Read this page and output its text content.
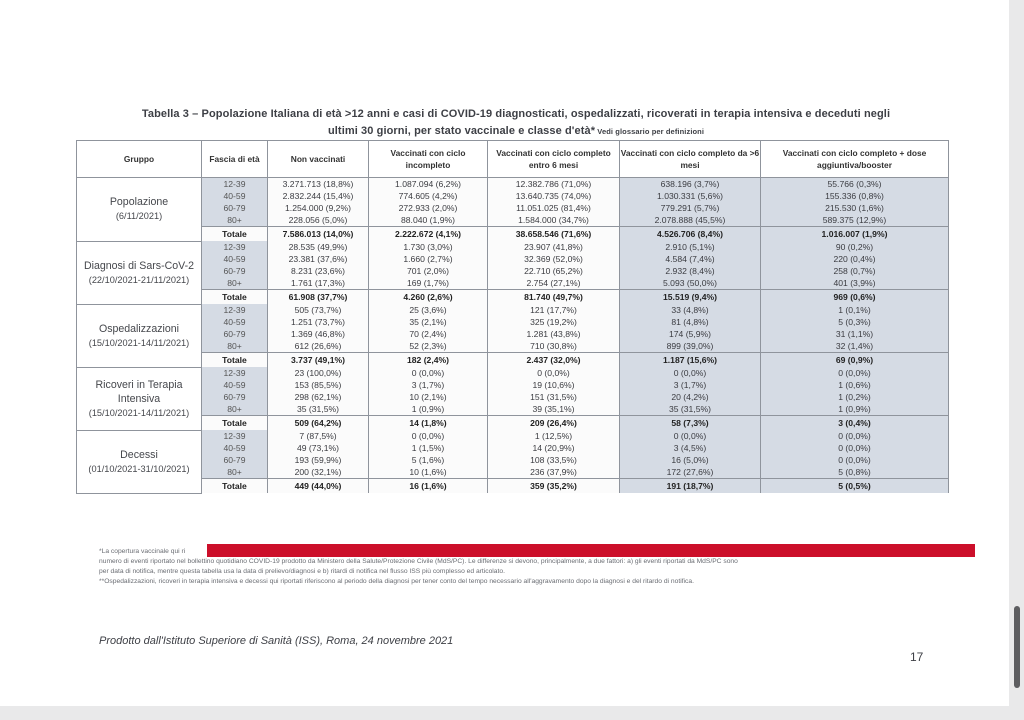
Tabella 3 – Popolazione Italiana di età >12 anni e casi di COVID-19 diagnosticati, ospedalizzati, ricoverati in terapia intensiva e deceduti negli
ultimi 30 giorni, per stato vaccinale e classe d'età* Vedi glossario per definizioni
Gruppo	Fascia di età	Non vaccinati	Vaccinati con ciclo incompleto	Vaccinati con ciclo completo entro 6 mesi	Vaccinati con ciclo completo da >6 mesi	Vaccinati con ciclo completo + dose aggiuntiva/booster

Popolazione
(6/11/2021)	12-39	3.271.713 (18,8%)	1.087.094 (6,2%)	12.382.786 (71,0%)	638.196 (3,7%)	55.766 (0,3%)
	40-59	2.832.244 (15,4%)	774.605 (4,2%)	13.640.735 (74,0%)	1.030.331 (5,6%)	155.336 (0,8%)
	60-79	1.254.000 (9,2%)	272.933 (2,0%)	11.051.025 (81,4%)	779.291 (5,7%)	215.530 (1,6%)
	80+	228.056 (5,0%)	88.040 (1,9%)	1.584.000 (34,7%)	2.078.888 (45,5%)	589.375 (12,9%)
	Totale	7.586.013 (14,0%)	2.222.672 (4,1%)	38.658.546 (71,6%)	4.526.706 (8,4%)	1.016.007 (1,9%)

Diagnosi di Sars-CoV-2
(22/10/2021-21/11/2021)	12-39	28.535 (49,9%)	1.730 (3,0%)	23.907 (41,8%)	2.910 (5,1%)	90 (0,2%)
	40-59	23.381 (37,6%)	1.660 (2,7%)	32.369 (52,0%)	4.584 (7,4%)	220 (0,4%)
	60-79	8.231 (23,6%)	701 (2,0%)	22.710 (65,2%)	2.932 (8,4%)	258 (0,7%)
	80+	1.761 (17,3%)	169 (1,7%)	2.754 (27,1%)	5.093 (50,0%)	401 (3,9%)
	Totale	61.908 (37,7%)	4.260 (2,6%)	81.740 (49,7%)	15.519 (9,4%)	969 (0,6%)

Ospedalizzazioni
(15/10/2021-14/11/2021)	12-39	505 (73,7%)	25 (3,6%)	121 (17,7%)	33 (4,8%)	1 (0,1%)
	40-59	1.251 (73,7%)	35 (2,1%)	325 (19,2%)	81 (4,8%)	5 (0,3%)
	60-79	1.369 (46,8%)	70 (2,4%)	1.281 (43,8%)	174 (5,9%)	31 (1,1%)
	80+	612 (26,6%)	52 (2,3%)	710 (30,8%)	899 (39,0%)	32 (1,4%)
	Totale	3.737 (49,1%)	182 (2,4%)	2.437 (32,0%)	1.187 (15,6%)	69 (0,9%)

Ricoveri in Terapia Intensiva
(15/10/2021-14/11/2021)	12-39	23 (100,0%)	0 (0,0%)	0 (0,0%)	0 (0,0%)	0 (0,0%)
	40-59	153 (85,5%)	3 (1,7%)	19 (10,6%)	3 (1,7%)	1 (0,6%)
	60-79	298 (62,1%)	10 (2,1%)	151 (31,5%)	20 (4,2%)	1 (0,2%)
	80+	35 (31,5%)	1 (0,9%)	39 (35,1%)	35 (31,5%)	1 (0,9%)
	Totale	509 (64,2%)	14 (1,8%)	209 (26,4%)	58 (7,3%)	3 (0,4%)

Decessi
(01/10/2021-31/10/2021)	12-39	7 (87,5%)	0 (0,0%)	1 (12,5%)	0 (0,0%)	0 (0,0%)
	40-59	49 (73,1%)	1 (1,5%)	14 (20,9%)	3 (4,5%)	0 (0,0%)
	60-79	193 (59,9%)	5 (1,6%)	108 (33,5%)	16 (5,0%)	0 (0,0%)
	80+	200 (32,1%)	10 (1,6%)	236 (37,9%)	172 (27,6%)	5 (0,8%)
	Totale	449 (44,0%)	16 (1,6%)	359 (35,2%)	191 (18,7%)	5 (0,5%)
*La copertura vaccinale qui ri
numero di eventi riportato nel bollettino quotidiano COVID-19 prodotto da Ministero della Salute/Protezione Civile (MdS/PC). Le differenze si devono, principalmente, a due fattori: a) gli eventi riportati da MdS/PC sono
per data di notifica, mentre questa tabella usa la data di prelievo/diagnosi e b) ritardi di notifica nel flusso ISS più complesso ed articolato.
**Ospedalizzazioni, ricoveri in terapia intensiva e decessi qui riportati riferiscono al periodo della diagnosi per tener conto del tempo necessario all'aggravamento dopo la diagnosi e del ritardo di notifica.
Prodotto dall'Istituto Superiore di Sanità (ISS), Roma, 24 novembre 2021
17
